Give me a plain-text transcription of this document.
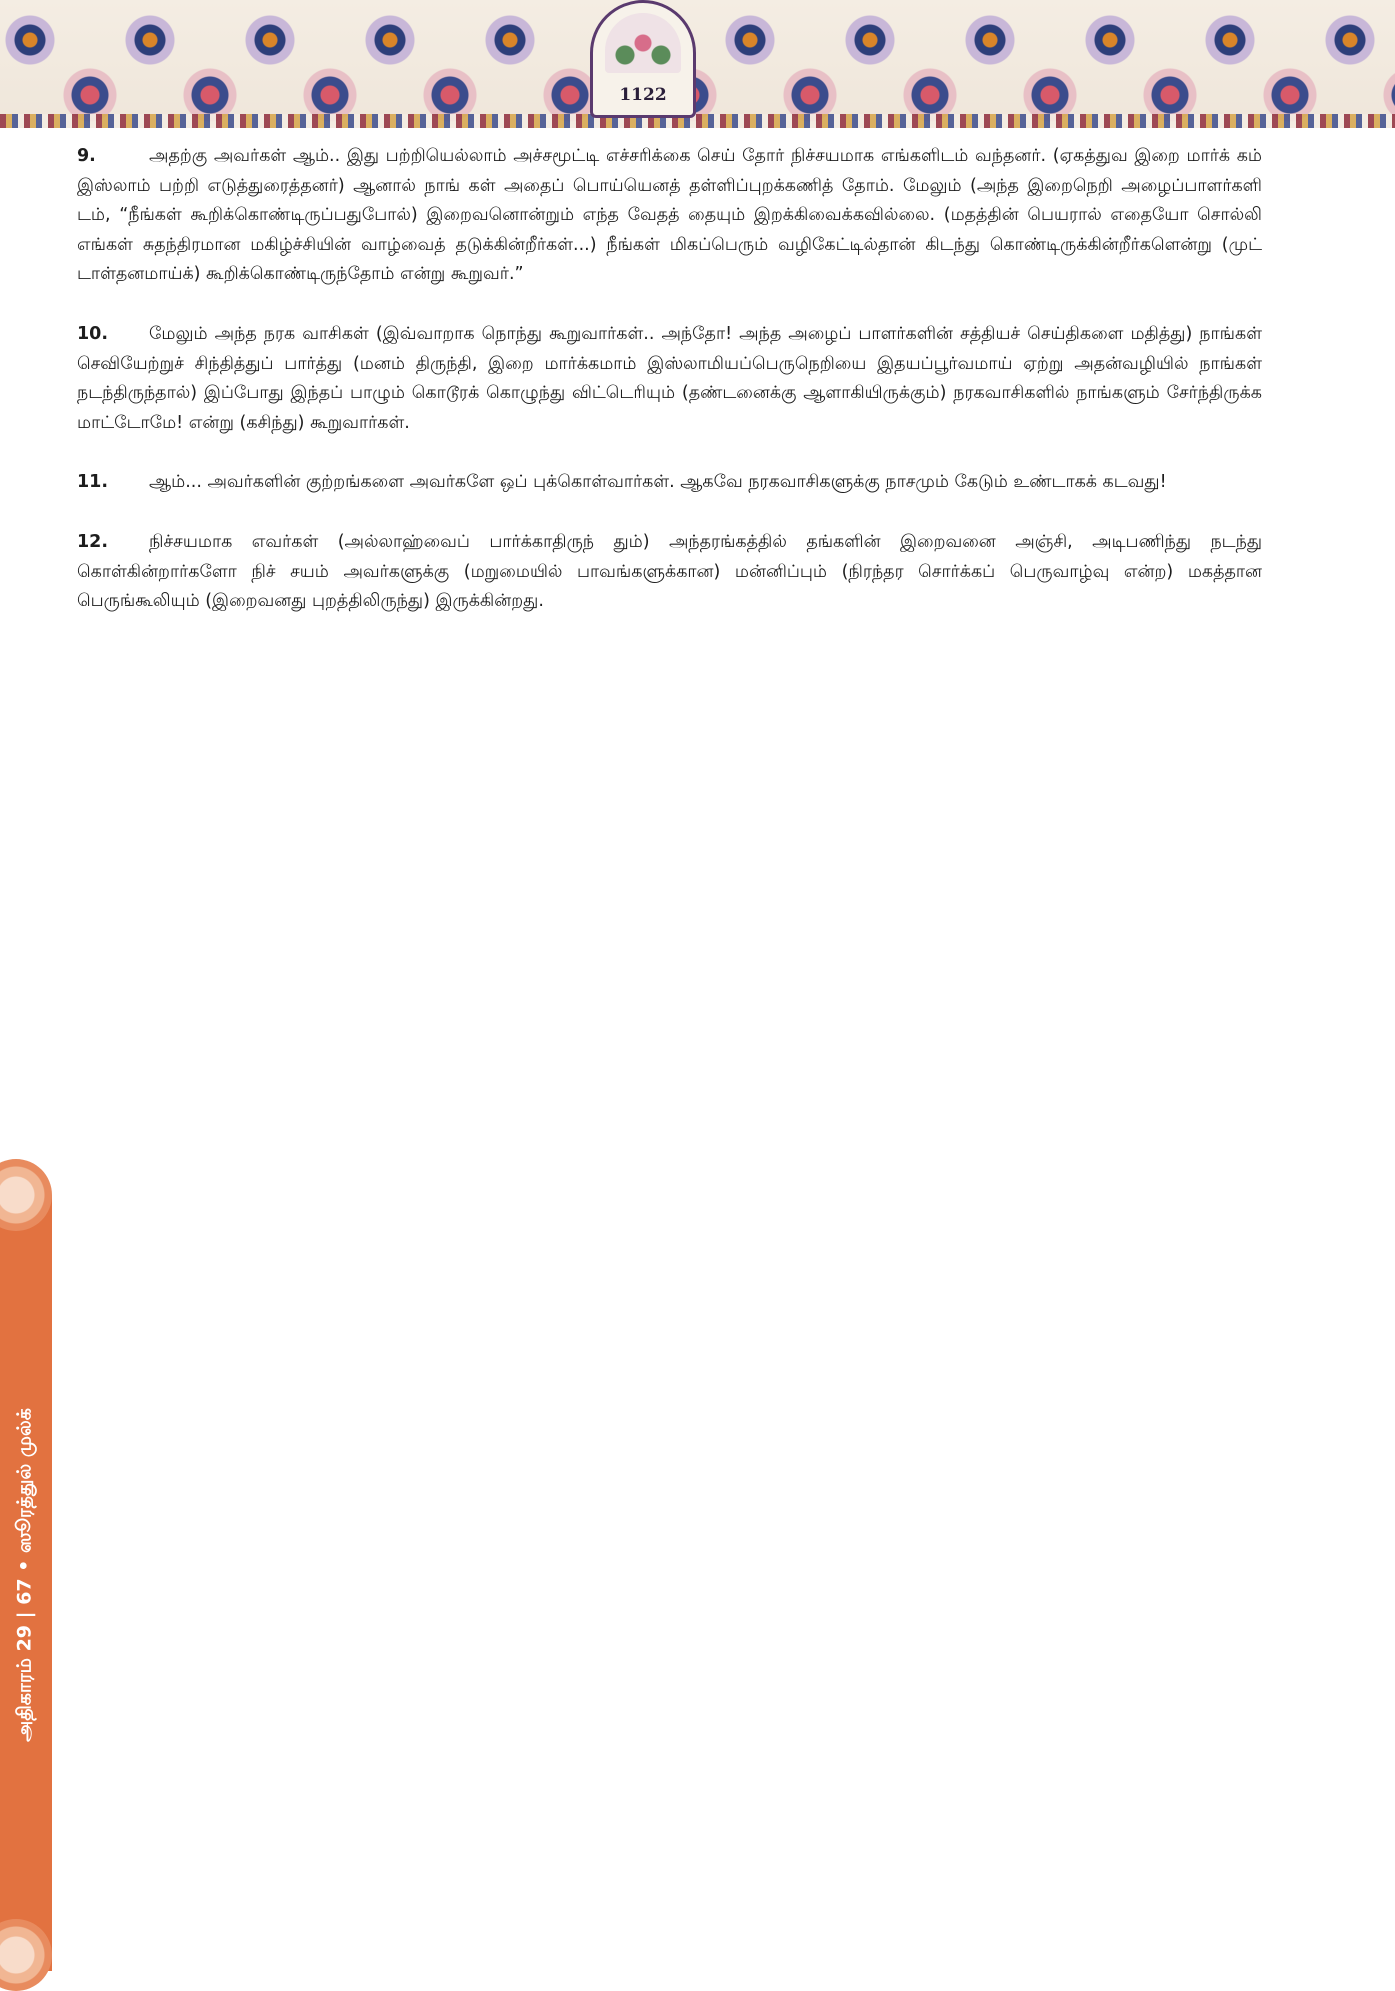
1122
அதிகாரம் 29 | 67 • ஸூரத்துல் முல்க்

9.	அதற்கு அவர்கள் ஆம்.. இது பற்றியெல்லாம் அச்சமூட்டி எச்சரிக்கை செய் தோர் நிச்சயமாக எங்களிடம் வந்தனர். (ஏகத்துவ இறை மார்க் கம் இஸ்லாம் பற்றி எடுத்துரைத்தனர்) ஆனால் நாங் கள் அதைப் பொய்யெனத் தள்ளிப்புறக்கணித் தோம். மேலும் (அந்த இறைநெறி அழைப்பாளர்களி டம், “நீங்கள் கூறிக்கொண்டிருப்பதுபோல்) இறைவனொன்றும் எந்த வேதத் தையும் இறக்கிவைக்கவில்லை. (மதத்தின் பெயரால் எதையோ சொல்லி எங்கள் சுதந்திரமான மகிழ்ச்சியின் வாழ்வைத் தடுக்கின்றீர்கள்...) நீங்கள் மிகப்பெரும் வழிகேட்டில்தான் கிடந்து கொண்டிருக்கின்றீர்களென்று (முட் டாள்தனமாய்க்) கூறிக்கொண்டிருந்தோம் என்று கூறுவர்.”

10. மேலும் அந்த நரக வாசிகள் (இவ்வாறாக நொந்து கூறுவார்கள்.. அந்தோ! அந்த அழைப் பாளர்களின் சத்தியச் செய்திகளை மதித்து) நாங்கள் செவியேற்றுச் சிந்தித்துப் பார்த்து (மனம் திருந்தி, இறை மார்க்கமாம் இஸ்லாமியப்பெருநெறியை இதயப்பூர்வமாய் ஏற்று அதன்வழியில் நாங்கள் நடந்திருந்தால்) இப்போது இந்தப் பாழும் கொடூரக் கொழுந்து விட்டெரியும் (தண்டனைக்கு ஆளாகியிருக்கும்) நரகவாசிகளில் நாங்களும் சேர்ந்திருக்க மாட்டோமே! என்று (கசிந்து) கூறுவார்கள்.

11. ஆம்... அவர்களின் குற்றங்களை அவர்களே ஒப் புக்கொள்வார்கள். ஆகவே நரகவாசிகளுக்கு நாசமும் கேடும் உண்டாகக் கடவது!

12. நிச்சயமாக எவர்கள் (அல்லாஹ்வைப் பார்க்காதிருந் தும்) அந்தரங்கத்தில் தங்களின் இறைவனை அஞ்சி, அடிபணிந்து நடந்து கொள்கின்றார்களோ நிச் சயம் அவர்களுக்கு (மறுமையில் பாவங்களுக்கான) மன்னிப்பும் (நிரந்தர சொர்க்கப் பெருவாழ்வு என்ற) மகத்தான பெருங்கூலியும் (இறைவனது புறத்திலிருந்து) இருக்கின்றது.
